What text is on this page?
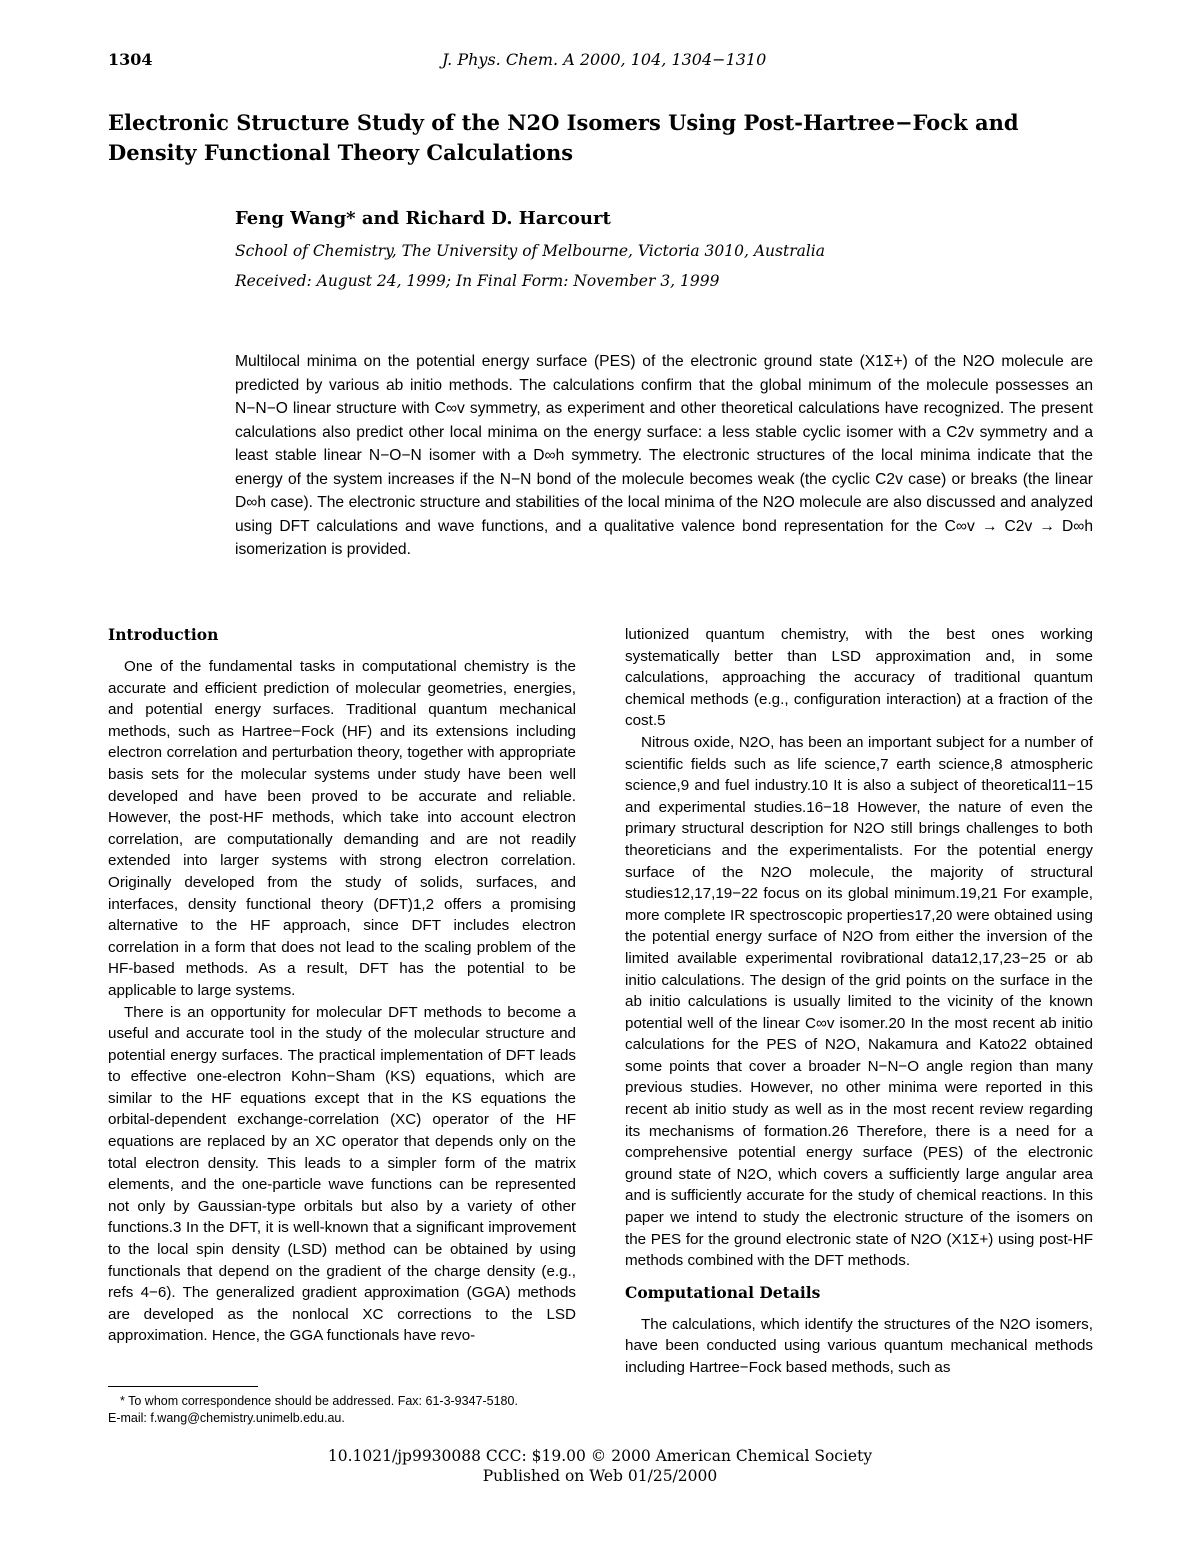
1304	J. Phys. Chem. A 2000, 104, 1304−1310
Electronic Structure Study of the N2O Isomers Using Post-Hartree−Fock and Density Functional Theory Calculations
Feng Wang* and Richard D. Harcourt
School of Chemistry, The University of Melbourne, Victoria 3010, Australia
Received: August 24, 1999; In Final Form: November 3, 1999

Multilocal minima on the potential energy surface (PES) of the electronic ground state (X1Σ+) of the N2O molecule are predicted by various ab initio methods. The calculations confirm that the global minimum of the molecule possesses an N−N−O linear structure with C∞v symmetry, as experiment and other theoretical calculations have recognized. The present calculations also predict other local minima on the energy surface: a less stable cyclic isomer with a C2v symmetry and a least stable linear N−O−N isomer with a D∞h symmetry. The electronic structures of the local minima indicate that the energy of the system increases if the N−N bond of the molecule becomes weak (the cyclic C2v case) or breaks (the linear D∞h case). The electronic structure and stabilities of the local minima of the N2O molecule are also discussed and analyzed using DFT calculations and wave functions, and a qualitative valence bond representation for the C∞v → C2v → D∞h isomerization is provided.

Introduction

One of the fundamental tasks in computational chemistry is the accurate and efficient prediction of molecular geometries, energies, and potential energy surfaces. Traditional quantum mechanical methods, such as Hartree−Fock (HF) and its extensions including electron correlation and perturbation theory, together with appropriate basis sets for the molecular systems under study have been well developed and have been proved to be accurate and reliable. However, the post-HF methods, which take into account electron correlation, are computationally demanding and are not readily extended into larger systems with strong electron correlation. Originally developed from the study of solids, surfaces, and interfaces, density functional theory (DFT)1,2 offers a promising alternative to the HF approach, since DFT includes electron correlation in a form that does not lead to the scaling problem of the HF-based methods. As a result, DFT has the potential to be applicable to large systems.

There is an opportunity for molecular DFT methods to become a useful and accurate tool in the study of the molecular structure and potential energy surfaces. The practical implementation of DFT leads to effective one-electron Kohn−Sham (KS) equations, which are similar to the HF equations except that in the KS equations the orbital-dependent exchange-correlation (XC) operator of the HF equations are replaced by an XC operator that depends only on the total electron density. This leads to a simpler form of the matrix elements, and the one-particle wave functions can be represented not only by Gaussian-type orbitals but also by a variety of other functions.3 In the DFT, it is well-known that a significant improvement to the local spin density (LSD) method can be obtained by using functionals that depend on the gradient of the charge density (e.g., refs 4−6). The generalized gradient approximation (GGA) methods are developed as the nonlocal XC corrections to the LSD approximation. Hence, the GGA functionals have revo-

lutionized quantum chemistry, with the best ones working systematically better than LSD approximation and, in some calculations, approaching the accuracy of traditional quantum chemical methods (e.g., configuration interaction) at a fraction of the cost.5

Nitrous oxide, N2O, has been an important subject for a number of scientific fields such as life science,7 earth science,8 atmospheric science,9 and fuel industry.10 It is also a subject of theoretical11−15 and experimental studies.16−18 However, the nature of even the primary structural description for N2O still brings challenges to both theoreticians and the experimentalists. For the potential energy surface of the N2O molecule, the majority of structural studies12,17,19−22 focus on its global minimum.19,21 For example, more complete IR spectroscopic properties17,20 were obtained using the potential energy surface of N2O from either the inversion of the limited available experimental rovibrational data12,17,23−25 or ab initio calculations. The design of the grid points on the surface in the ab initio calculations is usually limited to the vicinity of the known potential well of the linear C∞v isomer.20 In the most recent ab initio calculations for the PES of N2O, Nakamura and Kato22 obtained some points that cover a broader N−N−O angle region than many previous studies. However, no other minima were reported in this recent ab initio study as well as in the most recent review regarding its mechanisms of formation.26 Therefore, there is a need for a comprehensive potential energy surface (PES) of the electronic ground state of N2O, which covers a sufficiently large angular area and is sufficiently accurate for the study of chemical reactions. In this paper we intend to study the electronic structure of the isomers on the PES for the ground electronic state of N2O (X1Σ+) using post-HF methods combined with the DFT methods.

Computational Details

The calculations, which identify the structures of the N2O isomers, have been conducted using various quantum mechanical methods including Hartree−Fock based methods, such as

* To whom correspondence should be addressed. Fax: 61-3-9347-5180.

E-mail: f.wang@chemistry.unimelb.edu.au.

10.1021/jp9930088 CCC: $19.00 © 2000 American Chemical Society
Published on Web 01/25/2000
